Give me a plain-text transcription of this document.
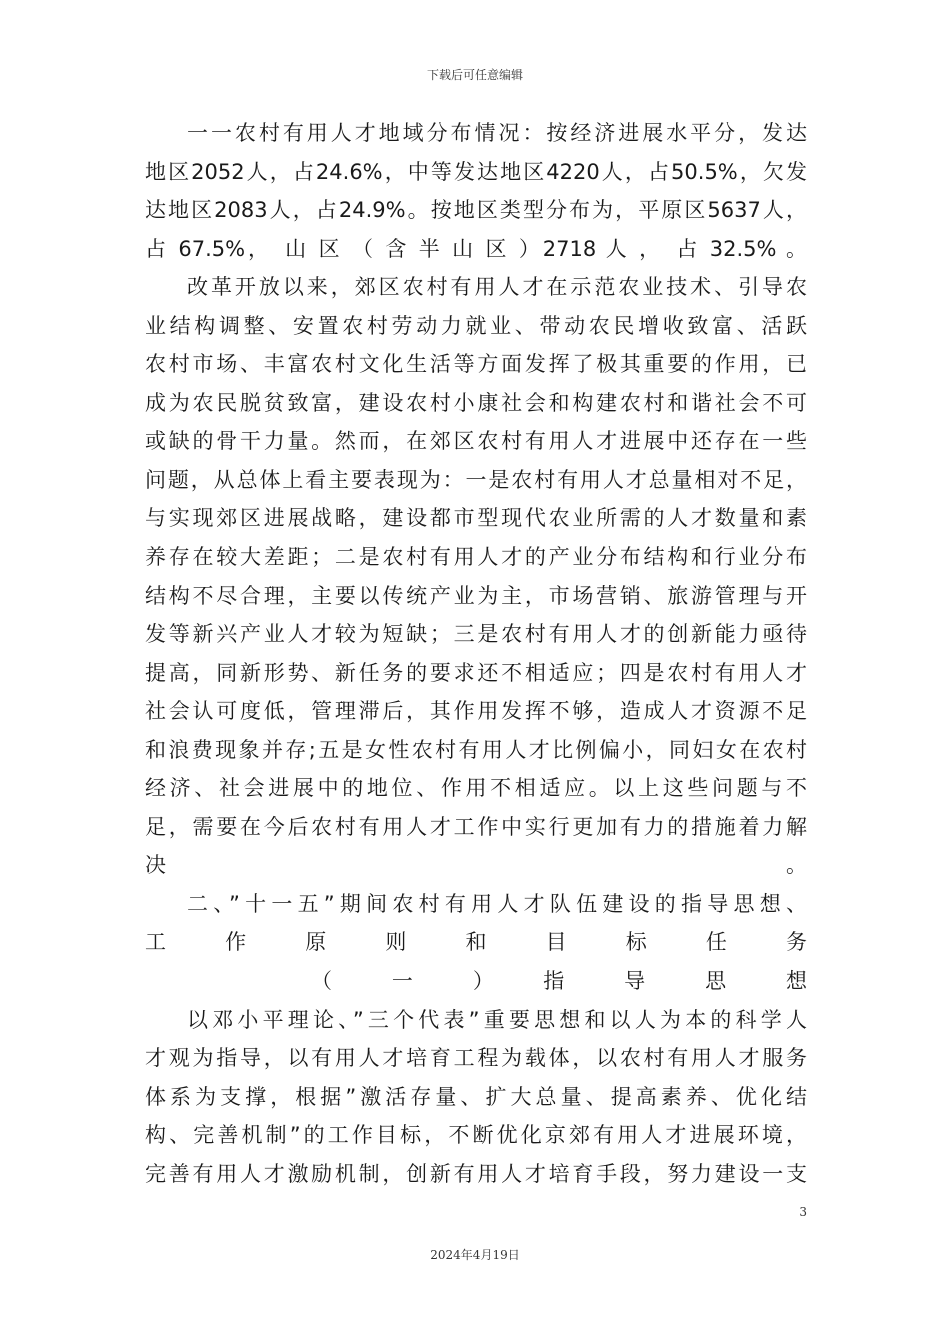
下载后可任意编辑
一一农村有用人才地域分布情况：按经济进展水平分，发达
地区2052人，占24.6%，中等发达地区4220人，占50.5%，欠发
达地区2083人，占24.9%。按地区类型分布为，平原区5637人，
占 67.5%，　山 区 （ 含 半 山 区 ）2718 人 ，　占 32.5% 。
改革开放以来，郊区农村有用人才在示范农业技术、引导农
业结构调整、安置农村劳动力就业、带动农民增收致富、活跃
农村市场、丰富农村文化生活等方面发挥了极其重要的作用，已
成为农民脱贫致富，建设农村小康社会和构建农村和谐社会不可
或缺的骨干力量。然而，在郊区农村有用人才进展中还存在一些
问题，从总体上看主要表现为：一是农村有用人才总量相对不足，
与实现郊区进展战略，建设都市型现代农业所需的人才数量和素
养存在较大差距；二是农村有用人才的产业分布结构和行业分布
结构不尽合理，主要以传统产业为主，市场营销、旅游管理与开
发等新兴产业人才较为短缺；三是农村有用人才的创新能力亟待
提高，同新形势、新任务的要求还不相适应；四是农村有用人才
社会认可度低，管理滞后，其作用发挥不够，造成人才资源不足
和浪费现象并存;五是女性农村有用人才比例偏小，同妇女在农村
经济、社会进展中的地位、作用不相适应。以上这些问题与不
足，需要在今后农村有用人才工作中实行更加有力的措施着力解
决　　　　　　　　　　　　　　　　　　　　。
二、”十一五”期间农村有用人才队伍建设的指导思想、
工　作　原　则　和　目　标　任　务
（　一　）　指　导　思　想
以邓小平理论、”三个代表”重要思想和以人为本的科学人
才观为指导，以有用人才培育工程为载体，以农村有用人才服务
体系为支撑，根据”激活存量、扩大总量、提高素养、优化结
构、完善机制”的工作目标，不断优化京郊有用人才进展环境，
完善有用人才激励机制，创新有用人才培育手段，努力建设一支
3
2024年4月19日
